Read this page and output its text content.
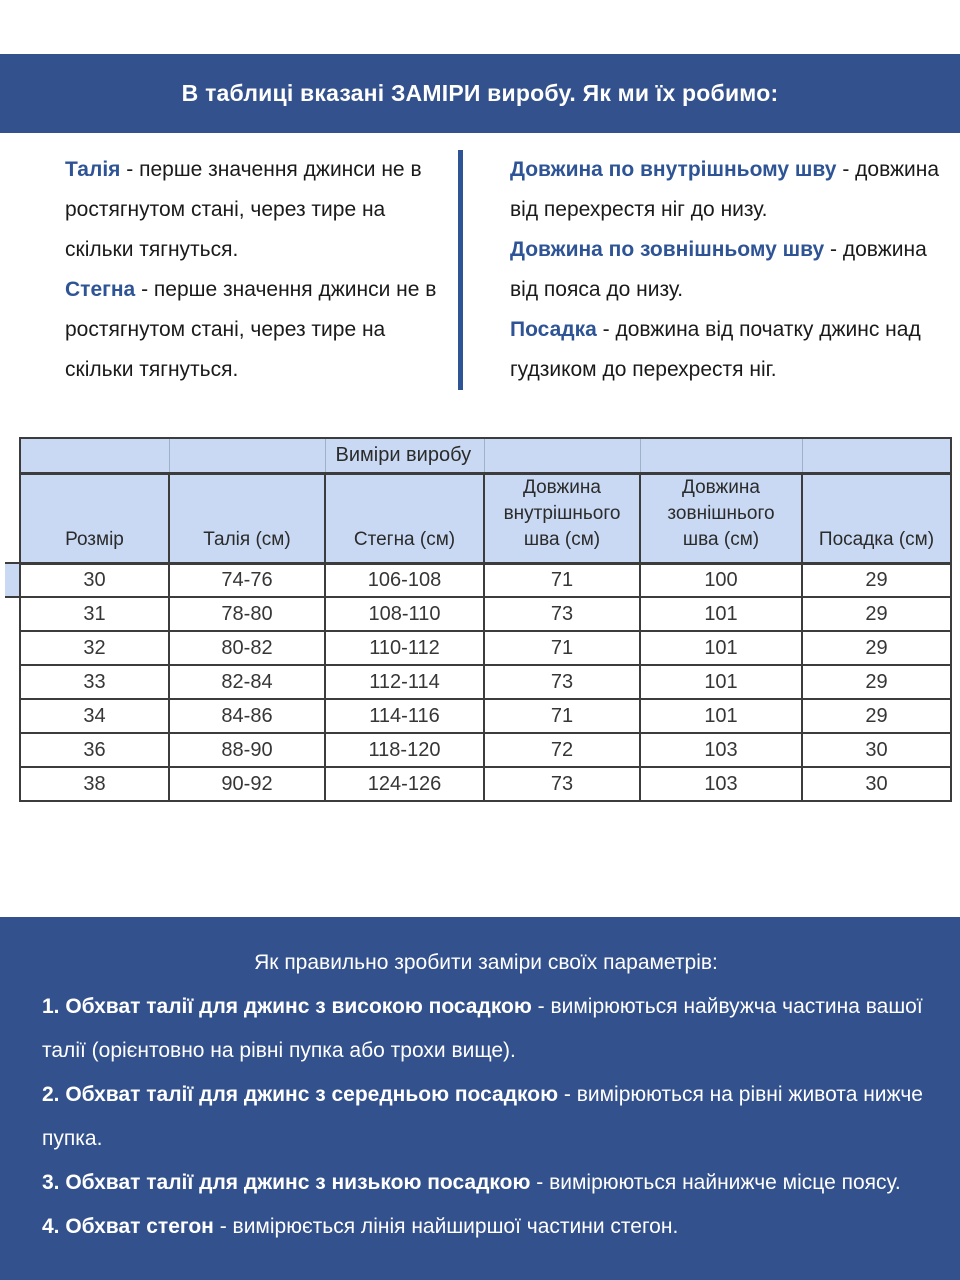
В таблиці вказані ЗАМІРИ виробу. Як ми їх робимо:

Талія - перше значення джинси не в ростягнутом стані, через тире на скільки тягнуться.

Стегна - перше значення джинси не в ростягнутом стані, через тире на скільки тягнуться.

Довжина по внутрішньому шву - довжина від перехрестя ніг до низу.

Довжина по зовнішньому шву - довжина від пояса до низу.

Посадка - довжина від початку джинс над гудзиком до перехрестя ніг.

		Виміри виробу			
Розмір	Талія (см)	Стегна (см)	Довжина внутрішнього шва (см)	Довжина зовнішнього шва (см)	Посадка (см)
30	74-76	106-108	71	100	29
31	78-80	108-110	73	101	29
32	80-82	110-112	71	101	29
33	82-84	112-114	73	101	29
34	84-86	114-116	71	101	29
36	88-90	118-120	72	103	30
38	90-92	124-126	73	103	30

Як правильно зробити заміри своїх параметрів:

1. Обхват талії для джинс з високою посадкою - вимірюються найвужча частина вашої талії (орієнтовно на рівні пупка або трохи вище).

2. Обхват талії для джинс з середньою посадкою - вимірюються на рівні живота нижче пупка.

3. Обхват талії для джинс з низькою посадкою - вимірюються найнижче місце поясу.

4. Обхват стегон - вимірюється лінія найширшої частини стегон.
